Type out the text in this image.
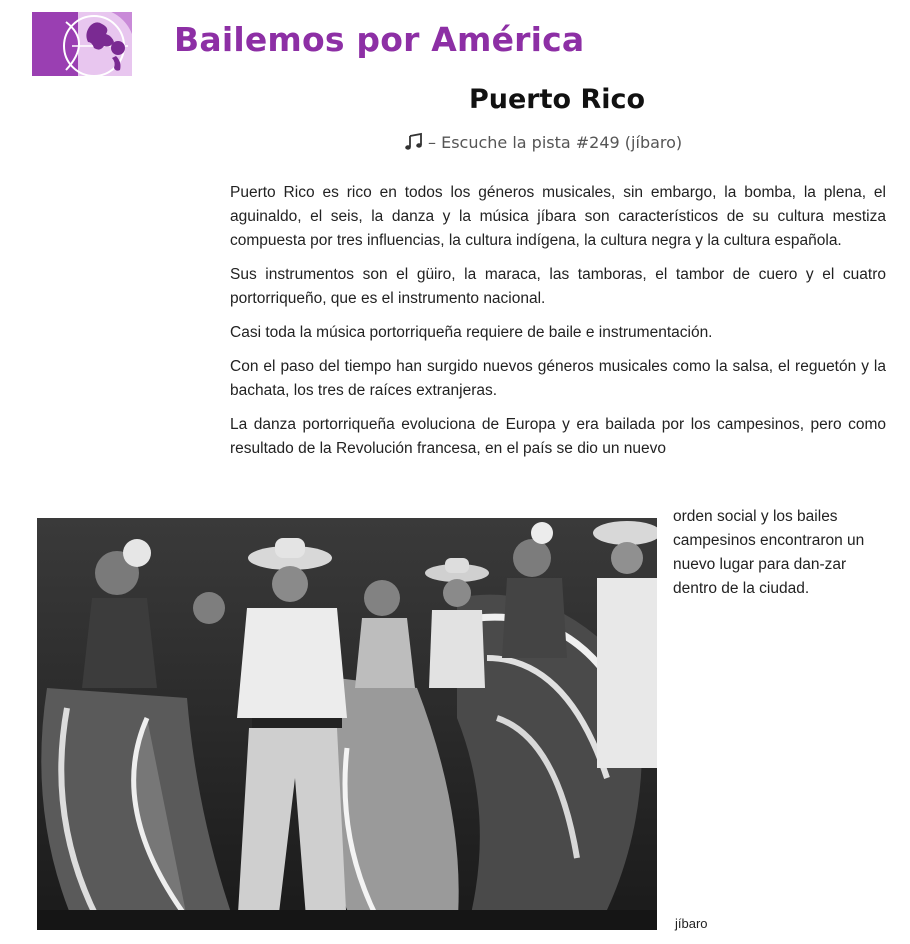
Bailemos por América
Puerto Rico
– Escuche la pista #249 (jíbaro)

Puerto Rico es rico en todos los géneros musicales, sin embargo, la bomba, la plena, el aguinaldo, el seis, la danza y la música jíbara son característicos de su cultura mestiza compuesta por tres influencias, la cultura indígena, la cultura negra y la cultura española.

Sus instrumentos son el güiro, la maraca, las tamboras, el tambor de cuero y el cuatro portorriqueño, que es el instrumento nacional.

Casi toda la música portorriqueña requiere de baile e instrumentación.

Con el paso del tiempo han surgido nuevos géneros musicales como la salsa, el reguetón y la bachata, los tres de raíces extranjeras.

La danza portorriqueña evoluciona de Europa y era bailada por los campesinos, pero como resultado de la Revolución francesa, en el país se dio un nuevo

orden social y los bailes campesinos encontraron un nuevo lugar para dan-zar dentro de la ciudad.
jíbaro
